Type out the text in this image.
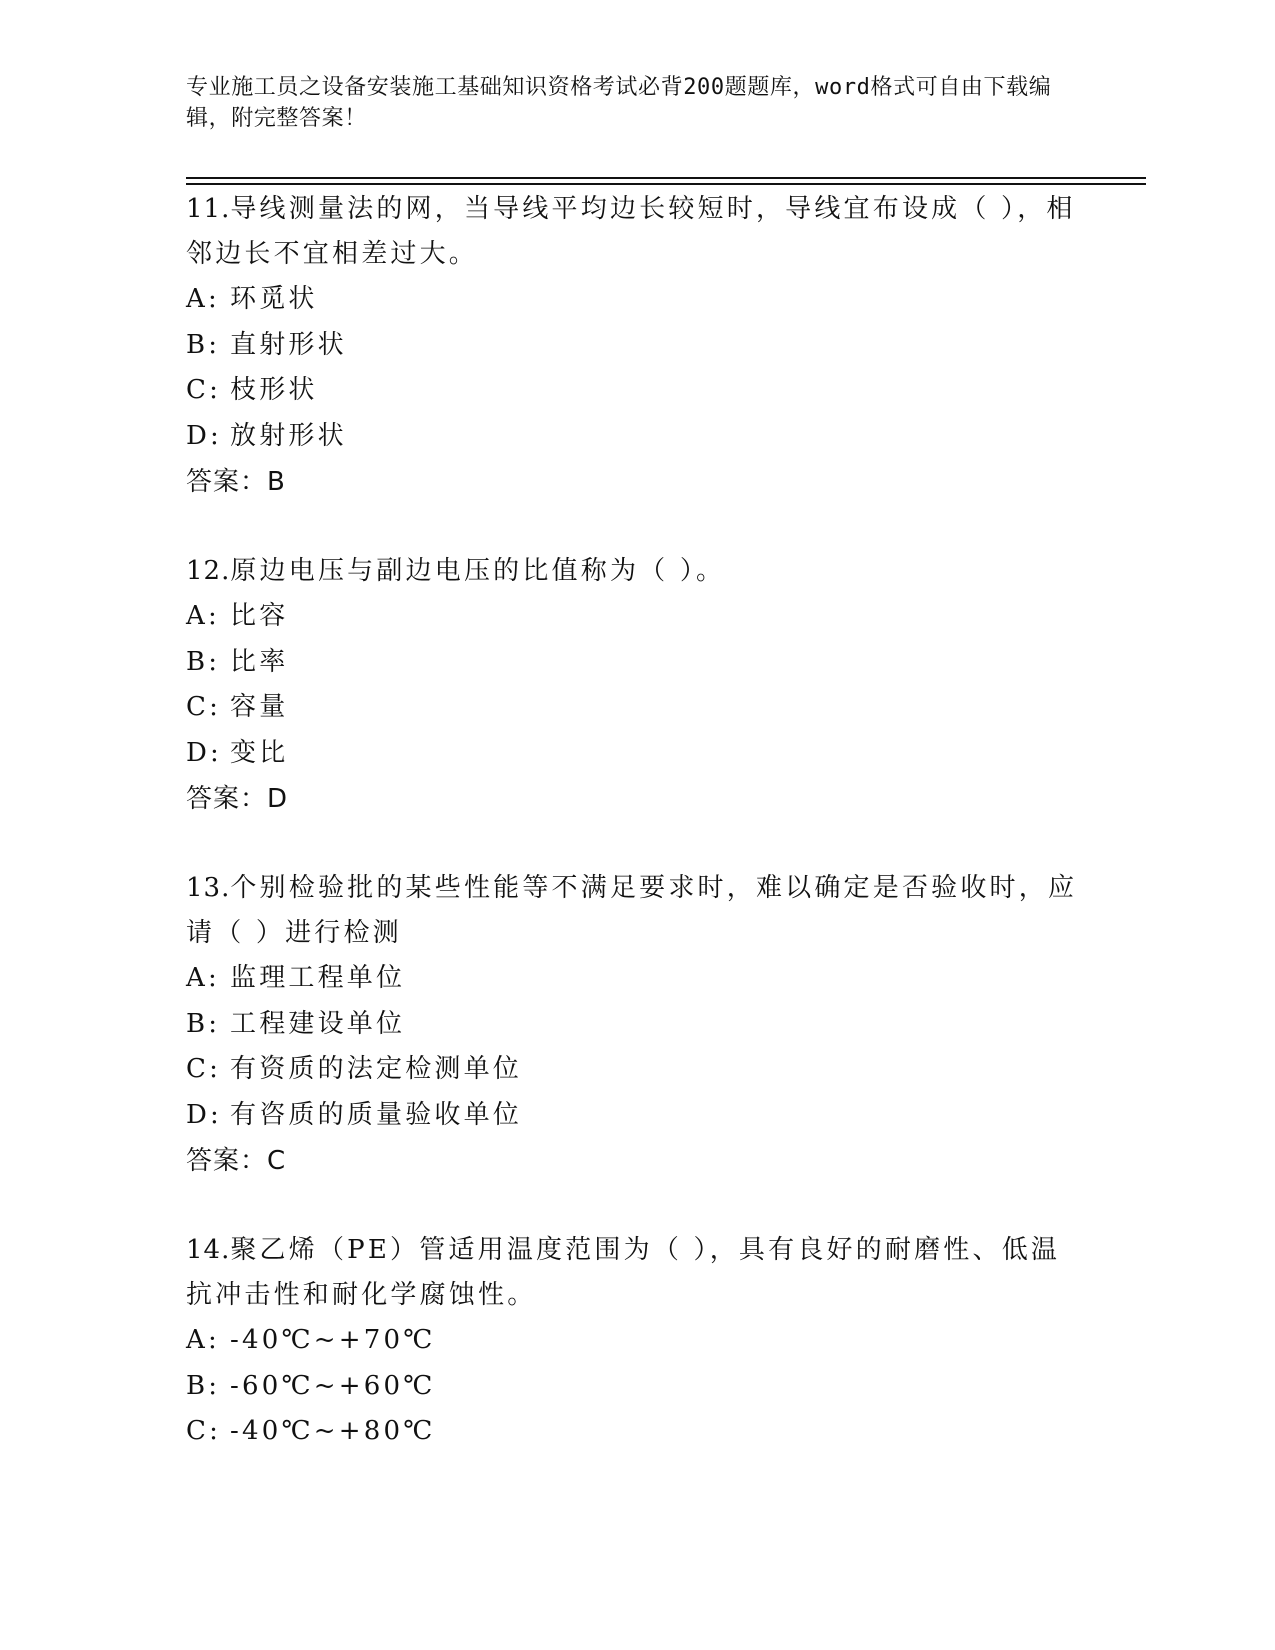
专业施工员之设备安装施工基础知识资格考试必背200题题库，word格式可自由下载编辑，附完整答案！

11.导线测量法的网，当导线平均边长较短时，导线宜布设成（ ），相邻边长不宜相差过大。

A: 环觅状
B: 直射形状
C: 枝形状
D: 放射形状
答案：B

12.原边电压与副边电压的比值称为（ ）。

A: 比容
B: 比率
C: 容量
D: 变比
答案：D

13.个别检验批的某些性能等不满足要求时，难以确定是否验收时，应请（ ）进行检测

A: 监理工程单位
B: 工程建设单位
C: 有资质的法定检测单位
D: 有咨质的质量验收单位
答案：C

14.聚乙烯（PE）管适用温度范围为（ ），具有良好的耐磨性、低温抗冲击性和耐化学腐蚀性。

A: -40℃~+70℃
B: -60℃~+60℃
C: -40℃~+80℃
